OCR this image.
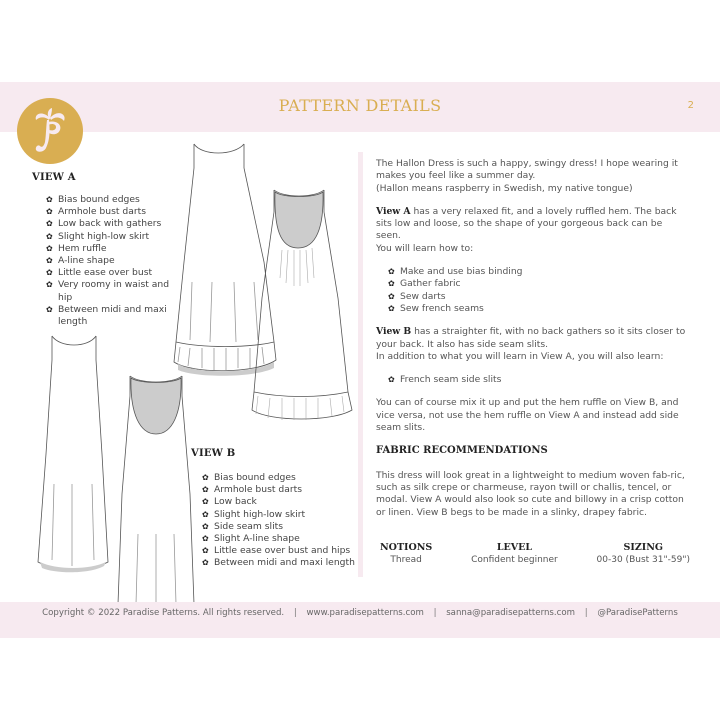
PATTERN DETAILS	2
VIEW A
✿ Bias bound edges
✿ Armhole bust darts
✿ Low back with gathers
✿ Slight high-low skirt
✿ Hem ruffle
✿ A-line shape
✿ Little ease over bust
✿ Very roomy in waist and hip
✿ Between midi and maxi length
VIEW B
✿ Bias bound edges
✿ Armhole bust darts
✿ Low back
✿ Slight high-low skirt
✿ Side seam slits
✿ Slight A-line shape
✿ Little ease over bust and hips
✿ Between midi and maxi length

The Hallon Dress is such a happy, swingy dress! I hope wearing it makes you feel like a summer day.
(Hallon means raspberry in Swedish, my native tongue)

View A has a very relaxed fit, and a lovely ruffled hem. The back sits low and loose, so the shape of your gorgeous back can be seen.
You will learn how to:

✿ Make and use bias binding
✿ Gather fabric
✿ Sew darts
✿ Sew french seams

View B has a straighter fit, with no back gathers so it sits closer to your back. It also has side seam slits.
In addition to what you will learn in View A, you will also learn:

✿ French seam side slits

You can of course mix it up and put the hem ruffle on View B, and vice versa, not use the hem ruffle on View A and instead add side seam slits.

FABRIC RECOMMENDATIONS

This dress will look great in a lightweight to medium woven fab-ric, such as silk crepe or charmeuse, rayon twill or challis, tencel, or modal. View A would also look so cute and billowy in a crisp cotton or linen. View B begs to be made in a slinky, drapey fabric.

NOTIONS
Thread
LEVEL
Confident beginner
SIZING
00-30 (Bust 31"-59")
Copyright © 2022 Paradise Patterns. All rights reserved. | www.paradisepatterns.com | sanna@paradisepatterns.com | @ParadisePatterns
